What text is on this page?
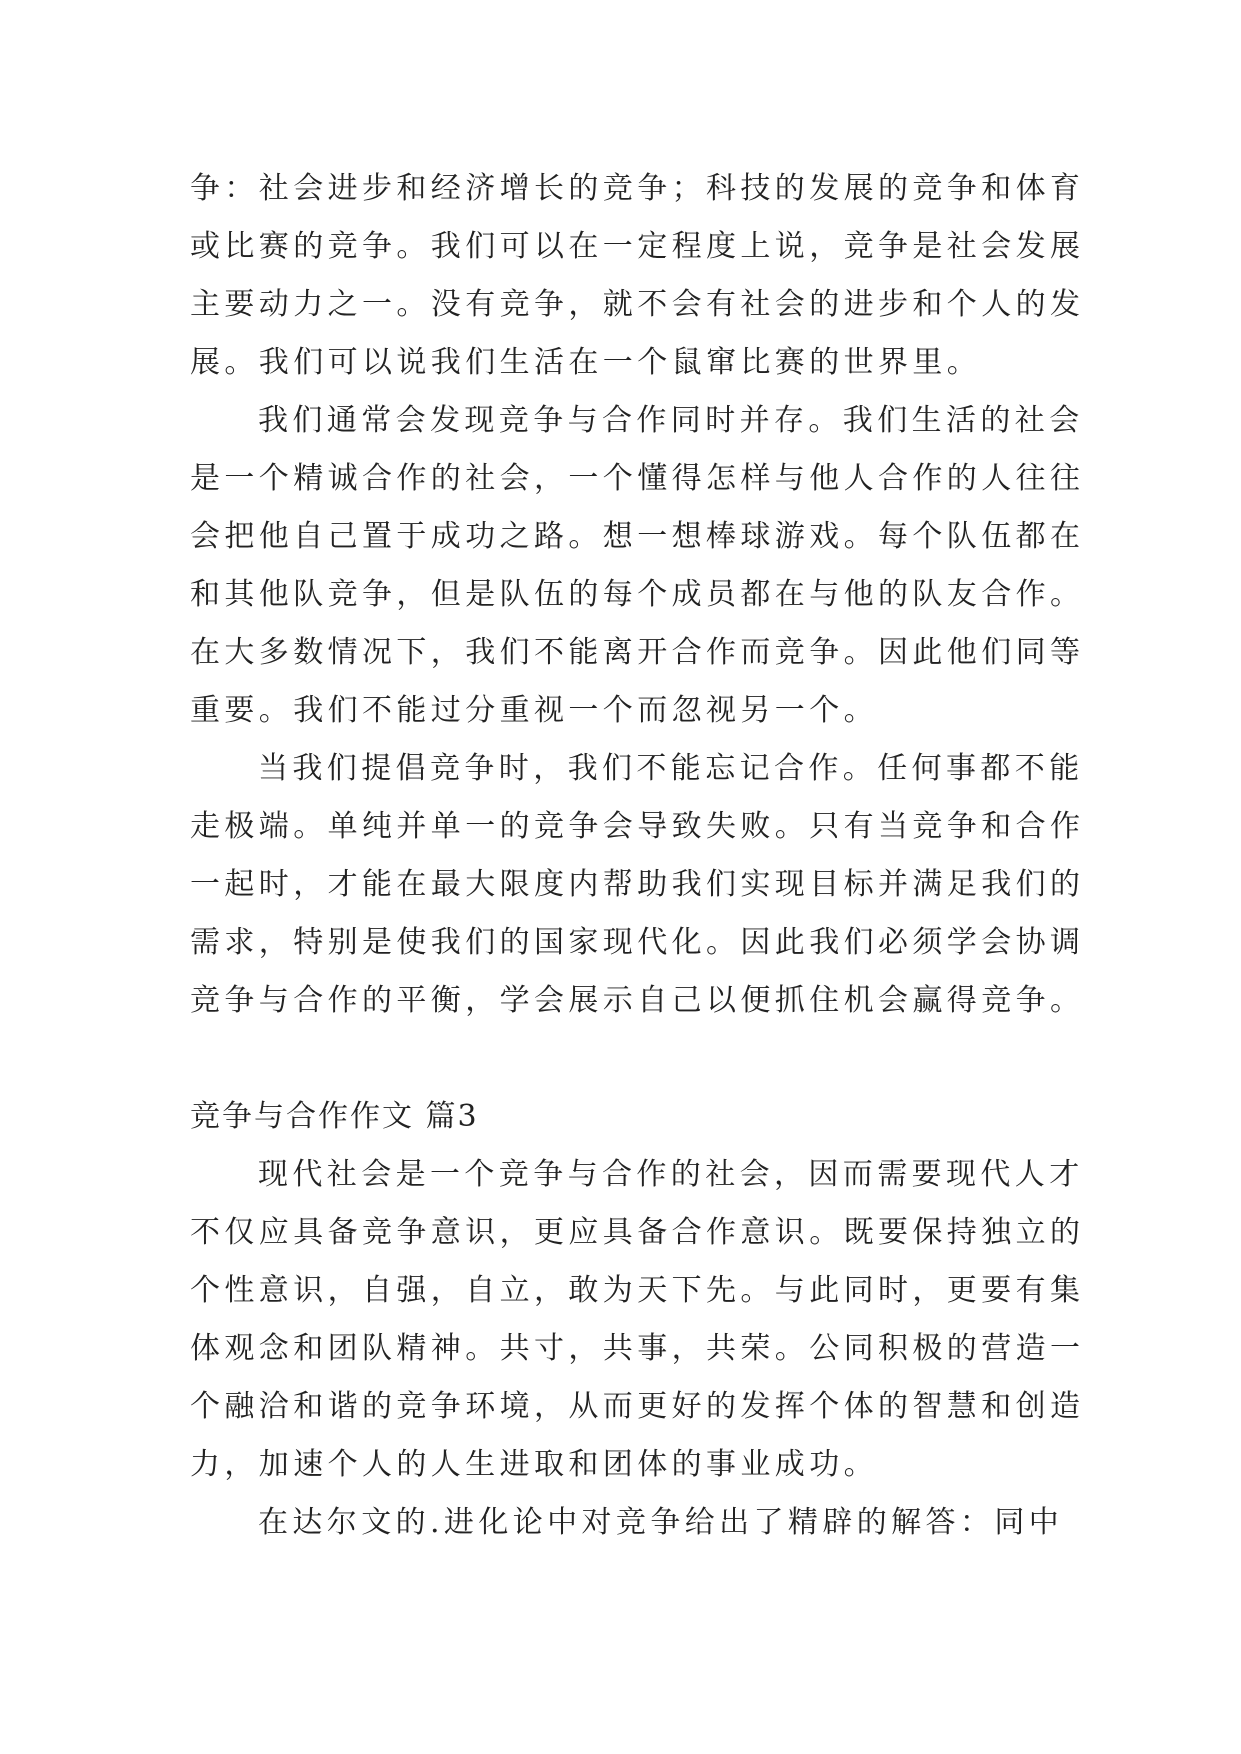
争：社会进步和经济增长的竞争；科技的发展的竞争和体育
或比赛的竞争。我们可以在一定程度上说，竞争是社会发展
主要动力之一。没有竞争，就不会有社会的进步和个人的发
展。我们可以说我们生活在一个鼠窜比赛的世界里。

我们通常会发现竞争与合作同时并存。我们生活的社会
是一个精诚合作的社会，一个懂得怎样与他人合作的人往往
会把他自己置于成功之路。想一想棒球游戏。每个队伍都在
和其他队竞争，但是队伍的每个成员都在与他的队友合作。
在大多数情况下，我们不能离开合作而竞争。因此他们同等
重要。我们不能过分重视一个而忽视另一个。

当我们提倡竞争时，我们不能忘记合作。任何事都不能
走极端。单纯并单一的竞争会导致失败。只有当竞争和合作
一起时，才能在最大限度内帮助我们实现目标并满足我们的
需求，特别是使我们的国家现代化。因此我们必须学会协调
竞争与合作的平衡，学会展示自己以便抓住机会赢得竞争。

竞争与合作作文 篇3

现代社会是一个竞争与合作的社会，因而需要现代人才
不仅应具备竞争意识，更应具备合作意识。既要保持独立的
个性意识，自强，自立，敢为天下先。与此同时，更要有集
体观念和团队精神。共寸，共事，共荣。公同积极的营造一
个融洽和谐的竞争环境，从而更好的发挥个体的智慧和创造
力，加速个人的人生进取和团体的事业成功。

在达尔文的.进化论中对竞争给出了精辟的解答：同中
